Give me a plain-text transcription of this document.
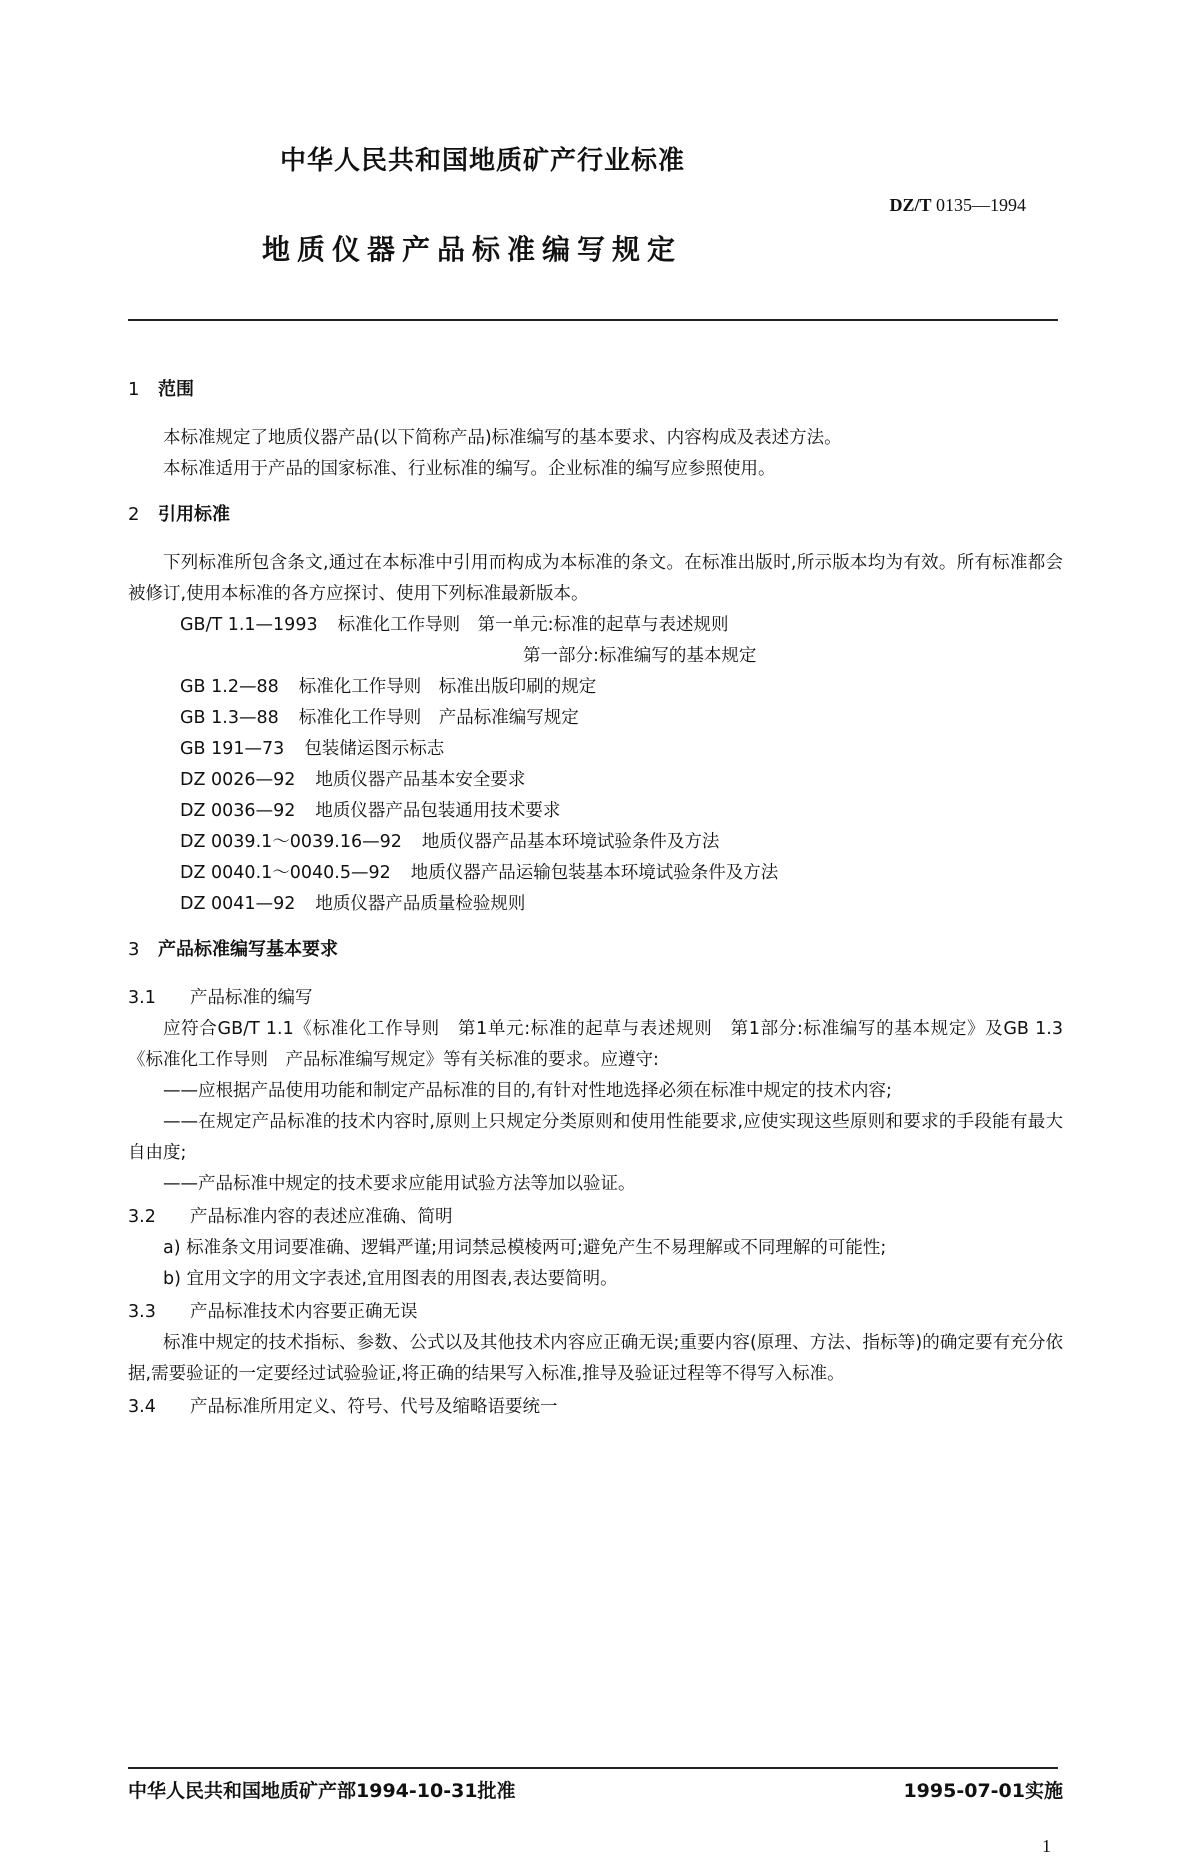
中华人民共和国地质矿产行业标准
DZ/T 0135—1994
地质仪器产品标准编写规定
1 范围
本标准规定了地质仪器产品(以下简称产品)标准编写的基本要求、内容构成及表述方法。
本标准适用于产品的国家标准、行业标准的编写。企业标准的编写应参照使用。
2 引用标准
下列标准所包含条文,通过在本标准中引用而构成为本标准的条文。在标准出版时,所示版本均为有效。所有标准都会被修订,使用本标准的各方应探讨、使用下列标准最新版本。
GB/T 1.1—1993 标准化工作导则　第一单元:标准的起草与表述规则
第一部分:标准编写的基本规定
GB 1.2—88 标准化工作导则　标准出版印刷的规定
GB 1.3—88 标准化工作导则　产品标准编写规定
GB 191—73 包装储运图示标志
DZ 0026—92 地质仪器产品基本安全要求
DZ 0036—92 地质仪器产品包装通用技术要求
DZ 0039.1～0039.16—92 地质仪器产品基本环境试验条件及方法
DZ 0040.1～0040.5—92 地质仪器产品运输包装基本环境试验条件及方法
DZ 0041—92 地质仪器产品质量检验规则
3 产品标准编写基本要求
3.1 产品标准的编写
应符合GB/T 1.1《标准化工作导则　第1单元:标准的起草与表述规则　第1部分:标准编写的基本规定》及GB 1.3《标准化工作导则　产品标准编写规定》等有关标准的要求。应遵守:
——应根据产品使用功能和制定产品标准的目的,有针对性地选择必须在标准中规定的技术内容;
——在规定产品标准的技术内容时,原则上只规定分类原则和使用性能要求,应使实现这些原则和要求的手段能有最大自由度;
——产品标准中规定的技术要求应能用试验方法等加以验证。
3.2 产品标准内容的表述应准确、简明
a) 标准条文用词要准确、逻辑严谨;用词禁忌模棱两可;避免产生不易理解或不同理解的可能性;
b) 宜用文字的用文字表述,宜用图表的用图表,表达要简明。
3.3 产品标准技术内容要正确无误
标准中规定的技术指标、参数、公式以及其他技术内容应正确无误;重要内容(原理、方法、指标等)的确定要有充分依据,需要验证的一定要经过试验验证,将正确的结果写入标准,推导及验证过程等不得写入标准。
3.4 产品标准所用定义、符号、代号及缩略语要统一
中华人民共和国地质矿产部1994-10-31批准	1995-07-01实施
1
